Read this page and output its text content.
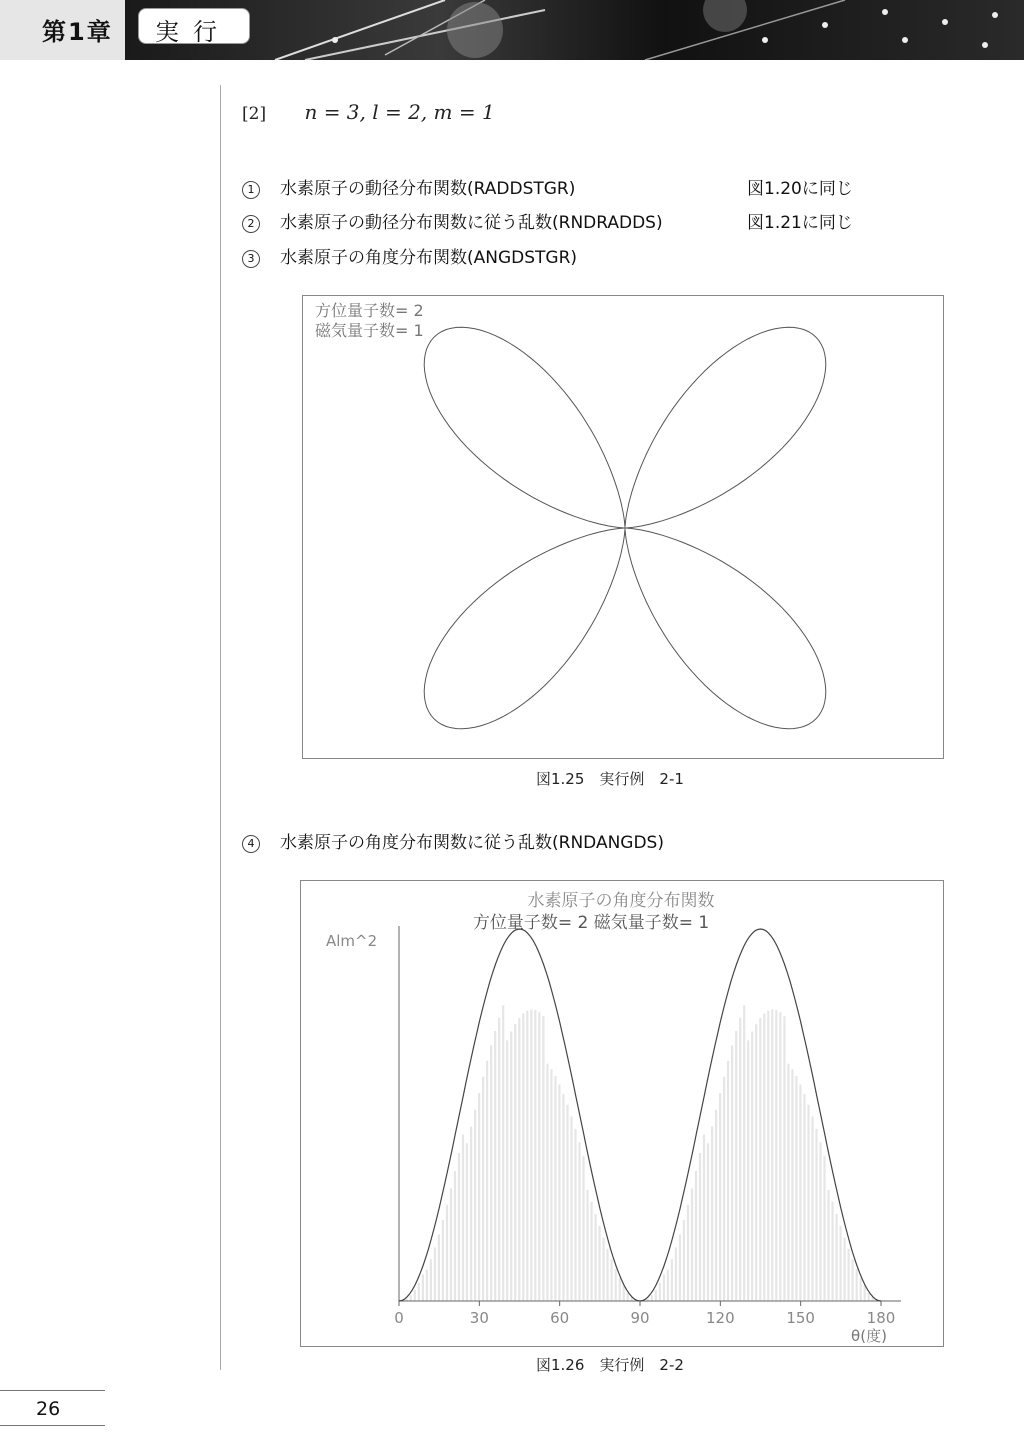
第1章 実行
[2] n = 3, l = 2, m = 1
1 水素原子の動径分布関数(RADDSTGR)	図1.20に同じ
2 水素原子の動径分布関数に従う乱数(RNDRADDS)	図1.21に同じ
3 水素原子の角度分布関数(ANGDSTGR)
方位量子数= 2
磁気量子数= 1
図1.25　実行例　2-1
4 水素原子の角度分布関数に従う乱数(RNDANGDS)
水素原子の角度分布関数
方位量子数= 2 磁気量子数= 1
Alm^2
0	30	60	90	120	150	180
θ(度)
図1.26　実行例　2-2
26
